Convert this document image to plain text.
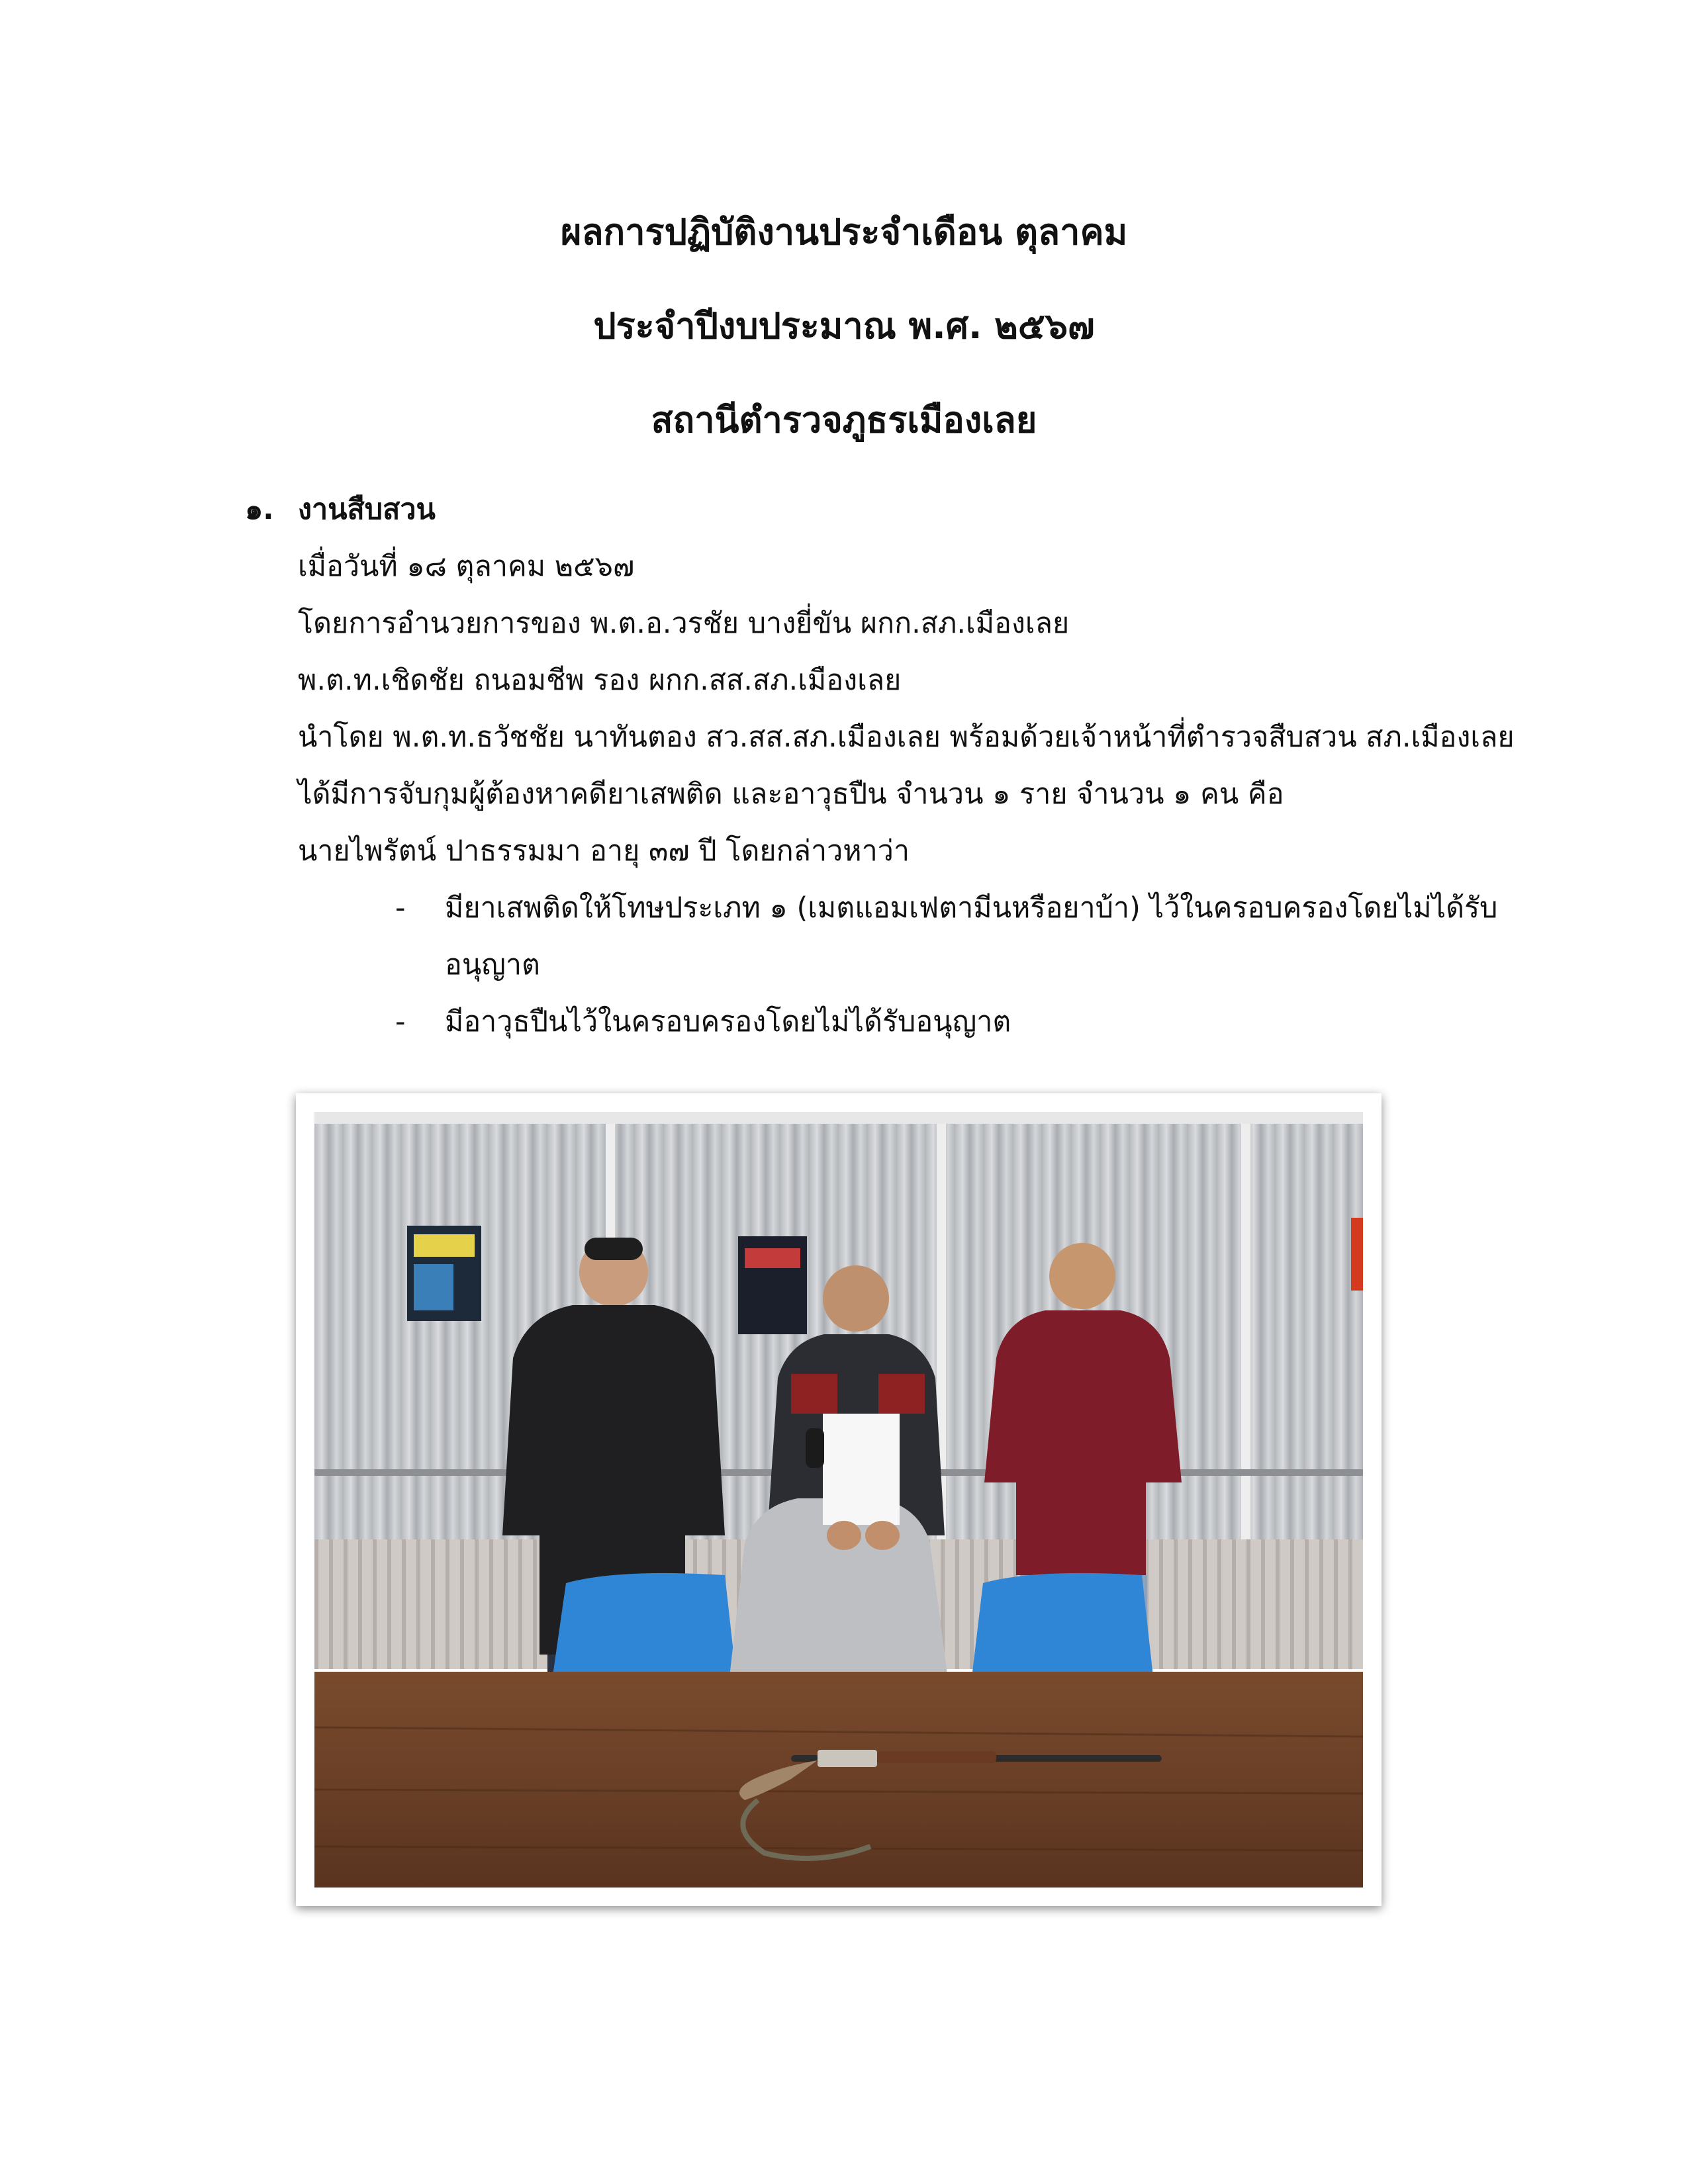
ผลการปฏิบัติงานประจำเดือน ตุลาคม
ประจำปีงบประมาณ พ.ศ. ๒๕๖๗
สถานีตำรวจภูธรเมืองเลย
๑. งานสืบสวน

เมื่อวันที่ ๑๘ ตุลาคม ๒๕๖๗

โดยการอำนวยการของ พ.ต.อ.วรชัย บางยี่ขัน ผกก.สภ.เมืองเลย

พ.ต.ท.เชิดชัย ถนอมชีพ รอง ผกก.สส.สภ.เมืองเลย

นำโดย พ.ต.ท.ธวัชชัย นาทันตอง สว.สส.สภ.เมืองเลย พร้อมด้วยเจ้าหน้าที่ตำรวจสืบสวน สภ.เมืองเลย

ได้มีการจับกุมผู้ต้องหาคดียาเสพติด และอาวุธปืน จำนวน ๑ ราย จำนวน ๑ คน คือ

นายไพรัตน์ ปาธรรมมา อายุ ๓๗ ปี โดยกล่าวหาว่า

- มียาเสพติดให้โทษประเภท ๑ (เมตแอมเฟตามีนหรือยาบ้า) ไว้ในครอบครองโดยไม่ได้รับ

อนุญาต

- มีอาวุธปืนไว้ในครอบครองโดยไม่ได้รับอนุญาต
